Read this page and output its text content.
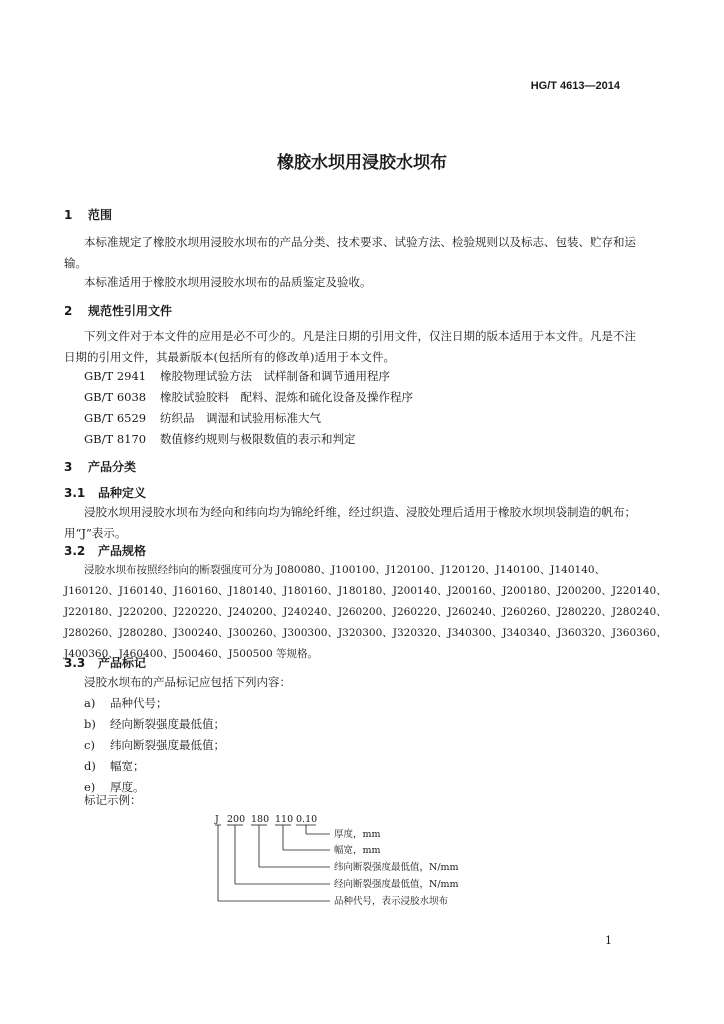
HG/T 4613—2014
橡胶水坝用浸胶水坝布
1 范围
本标准规定了橡胶水坝用浸胶水坝布的产品分类、技术要求、试验方法、检验规则以及标志、包装、贮存和运输。
本标准适用于橡胶水坝用浸胶水坝布的品质鉴定及验收。
2 规范性引用文件
下列文件对于本文件的应用是必不可少的。凡是注日期的引用文件，仅注日期的版本适用于本文件。凡是不注日期的引用文件，其最新版本(包括所有的修改单)适用于本文件。
GB/T 2941 橡胶物理试验方法　试样制备和调节通用程序
GB/T 6038 橡胶试验胶料　配料、混炼和硫化设备及操作程序
GB/T 6529 纺织品　调湿和试验用标准大气
GB/T 8170 数值修约规则与极限数值的表示和判定
3 产品分类
3.1 品种定义
浸胶水坝用浸胶水坝布为经向和纬向均为锦纶纤维，经过织造、浸胶处理后适用于橡胶水坝坝袋制造的帆布；用“J”表示。
3.2 产品规格
浸胶水坝布按照经纬向的断裂强度可分为 J080080、J100100、J120100、J120120、J140100、J140140、
J160120、J160140、J160160、J180140、J180160、J180180、J200140、J200160、J200180、J200200、J220140、
J220180、J220200、J220220、J240200、J240240、J260200、J260220、J260240、J260260、J280220、J280240、
J280260、J280280、J300240、J300260、J300300、J320300、J320320、J340300、J340340、J360320、J360360、
J400360、J460400、J500460、J500500 等规格。
3.3 产品标记
浸胶水坝布的产品标记应包括下列内容：
a) 品种代号；
b) 经向断裂强度最低值；
c) 纬向断裂强度最低值；
d) 幅宽；
e) 厚度。
标记示例：
J 200 180 110 0.10
厚度，mm
幅宽，mm
纬向断裂强度最低值，N/mm
经向断裂强度最低值，N/mm
品种代号，表示浸胶水坝布
1
